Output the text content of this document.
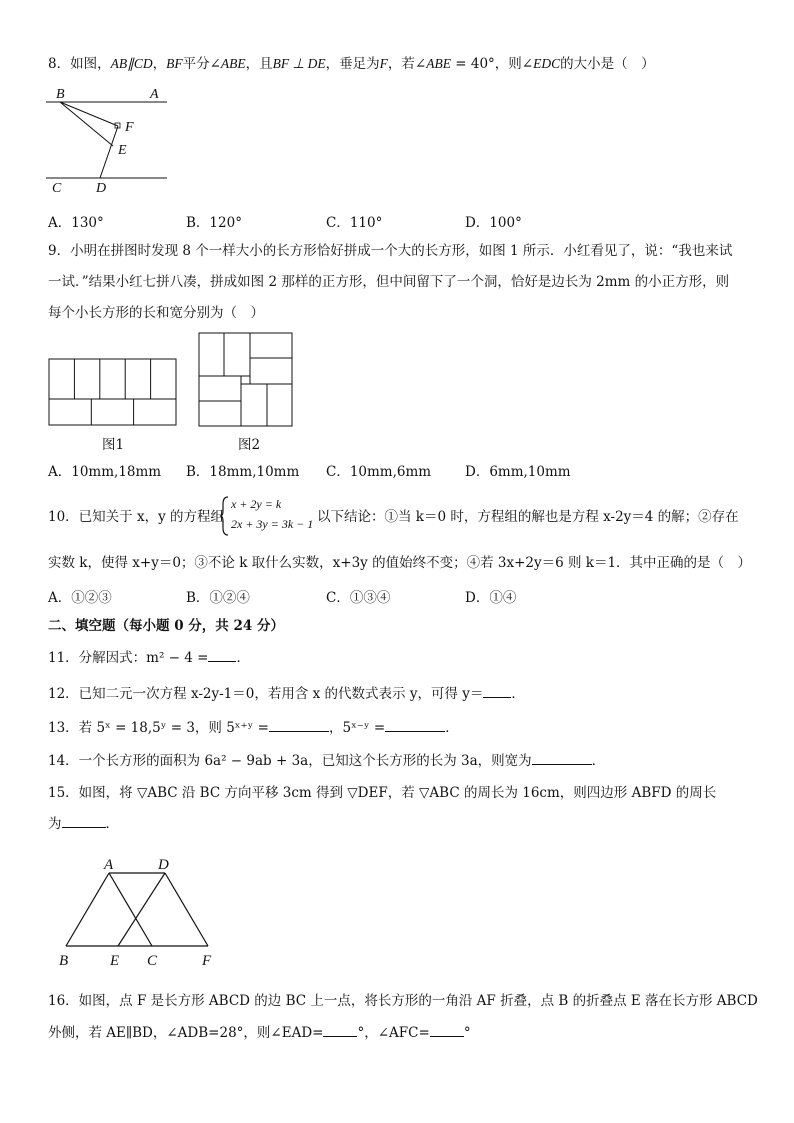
8．如图，AB∥CD，BF平分∠ABE，且BF ⊥ DE，垂足为F，若∠ABE = 40°，则∠EDC的大小是（　）
B	A
F
E
C D
A．130°	B．120°	C．110°	D．100°
9．小明在拼图时发现 8 个一样大小的长方形恰好拼成一个大的长方形，如图 1 所示．小红看见了，说：“我也来试
一试．”结果小红七拼八凑，拼成如图 2 那样的正方形，但中间留下了一个洞，恰好是边长为 2mm 的小正方形，则
每个小长方形的长和宽分别为（　）
图1	图2
A．10mm,18mm B．18mm,10mm C．10mm,6mm	D．6mm,10mm
10．已知关于 x，y 的方程组
x + 2y = k
2x + 3y = 3k − 1 以下结论：①当 k＝0 时，方程组的解也是方程 x-2y＝4 的解；②存在
实数 k，使得 x+y＝0；③不论 k 取什么实数，x+3y 的值始终不变；④若 3x+2y＝6 则 k＝1．其中正确的是（　）
A．①②③	B．①②④	C．①③④	D．①④
二、填空题（每小题 0 分，共 24 分）
11．分解因式：m² − 4 = ．
12．已知二元一次方程 x-2y-1＝0，若用含 x 的代数式表示 y，可得 y＝ ．
13．若 5ˣ = 18,5ʸ = 3，则 5ˣ⁺ʸ =	，5ˣ⁻ʸ =	．
14．一个长方形的面积为 6a² − 9ab + 3a，已知这个长方形的长为 3a，则宽为	．
15．如图，将 ▽ABC 沿 BC 方向平移 3cm 得到 ▽DEF，若 ▽ABC 的周长为 16cm，则四边形 ABFD 的周长
为	．
A	D
B	E C	F
16．如图，点 F 是长方形 ABCD 的边 BC 上一点，将长方形的一角沿 AF 折叠，点 B 的折叠点 E 落在长方形 ABCD
外侧，若 AE∥BD，∠ADB=28°，则∠EAD=	°，∠AFC=	°
